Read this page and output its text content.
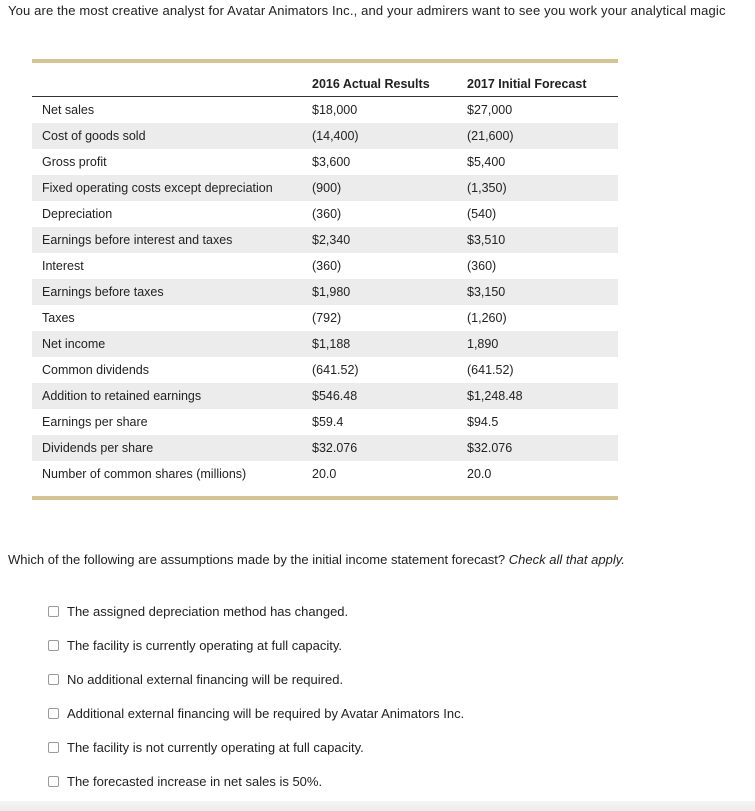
You are the most creative analyst for Avatar Animators Inc., and your admirers want to see you work your analytical magic
	2016 Actual Results	2017 Initial Forecast
Net sales	$18,000	$27,000
Cost of goods sold	(14,400)	(21,600)
Gross profit	$3,600	$5,400
Fixed operating costs except depreciation	(900)	(1,350)
Depreciation	(360)	(540)
Earnings before interest and taxes	$2,340	$3,510
Interest	(360)	(360)
Earnings before taxes	$1,980	$3,150
Taxes	(792)	(1,260)
Net income	$1,188	1,890
Common dividends	(641.52)	(641.52)
Addition to retained earnings	$546.48	$1,248.48
Earnings per share	$59.4	$94.5
Dividends per share	$32.076	$32.076
Number of common shares (millions)	20.0	20.0
Which of the following are assumptions made by the initial income statement forecast? Check all that apply.
The assigned depreciation method has changed.
The facility is currently operating at full capacity.
No additional external financing will be required.
Additional external financing will be required by Avatar Animators Inc.
The facility is not currently operating at full capacity.
The forecasted increase in net sales is 50%.
